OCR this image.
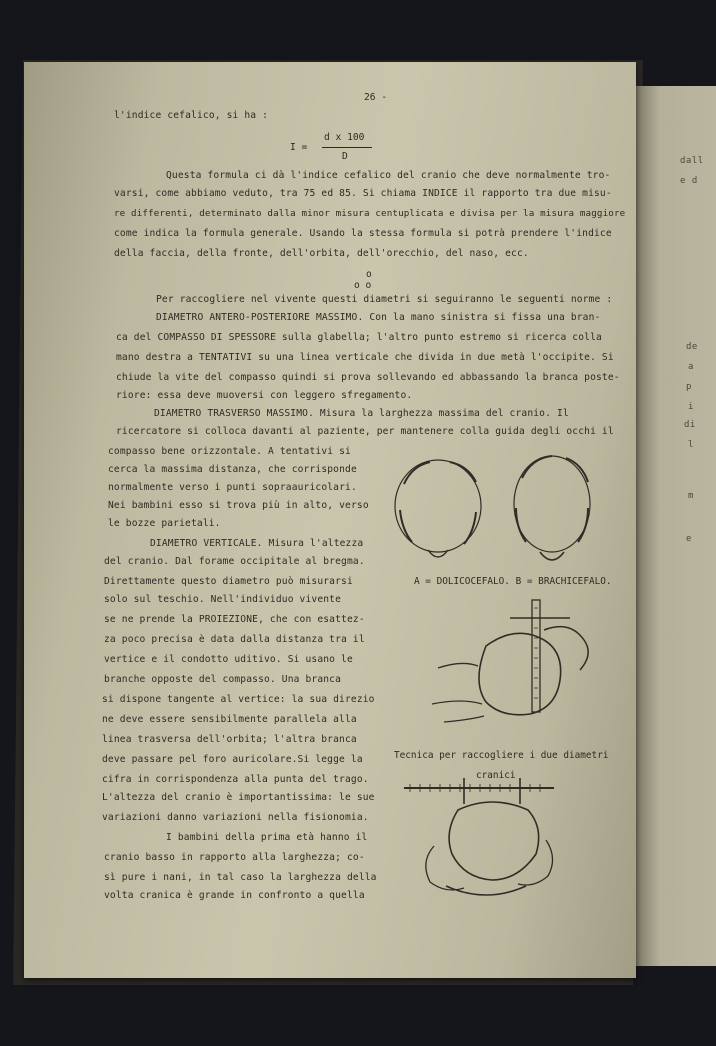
dall
e d
de
a
p
i
di
l
m
e
26 -
l'indice cefalico, si ha :
I =
d x 100
D
Questa formula ci dà l'indice cefalico del cranio che deve normalmente tro-
varsi, come abbiamo veduto, tra 75 ed 85. Si chiama INDICE il rapporto tra due misu-
re differenti, determinato dalla minor misura centuplicata e divisa per la misura maggiore
come indica la formula generale. Usando la stessa formula si potrà prendere l'indice
della faccia, della fronte, dell'orbita, dell'orecchio, del naso, ecc.
o
o o
Per raccogliere nel vivente questi diametri si seguiranno le seguenti norme :
DIAMETRO ANTERO-POSTERIORE MASSIMO. Con la mano sinistra si fissa una bran-
ca del COMPASSO DI SPESSORE sulla glabella; l'altro punto estremo si ricerca colla
mano destra a TENTATIVI su una linea verticale che divida in due metà l'occipite. Si
chiude la vite del compasso quindi si prova sollevando ed abbassando la branca poste-
riore: essa deve muoversi con leggero sfregamento.
DIAMETRO TRASVERSO MASSIMO. Misura la larghezza massima del cranio. Il
ricercatore si colloca davanti al paziente, per mantenere colla guida degli occhi il
compasso bene orizzontale. A tentativi si
cerca la massima distanza, che corrisponde
normalmente verso i punti sopraauricolari.
Nei bambini esso si trova più in alto, verso
le bozze parietali.
DIAMETRO VERTICALE. Misura l'altezza
del cranio. Dal forame occipitale al bregma.
Direttamente questo diametro può misurarsi
solo sul teschio. Nell'individuo vivente
se ne prende la PROIEZIONE, che con esattez-
za poco precisa è data dalla distanza tra il
vertice e il condotto uditivo. Si usano le
branche opposte del compasso. Una branca
si dispone tangente al vertice: la sua direzio
ne deve essere sensibilmente parallela alla
linea trasversa dell'orbita; l'altra branca
deve passare pel foro auricolare.Si legge la
cifra in corrispondenza alla punta del trago.
L'altezza del cranio è importantissima: le sue
variazioni danno variazioni nella fisionomia.
I bambini della prima età hanno il
cranio basso in rapporto alla larghezza; co-
sì pure i nani, in tal caso la larghezza della
volta cranica è grande in confronto a quella
A = DOLICOCEFALO. B = BRACHICEFALO.
Tecnica per raccogliere i due diametri
cranici
